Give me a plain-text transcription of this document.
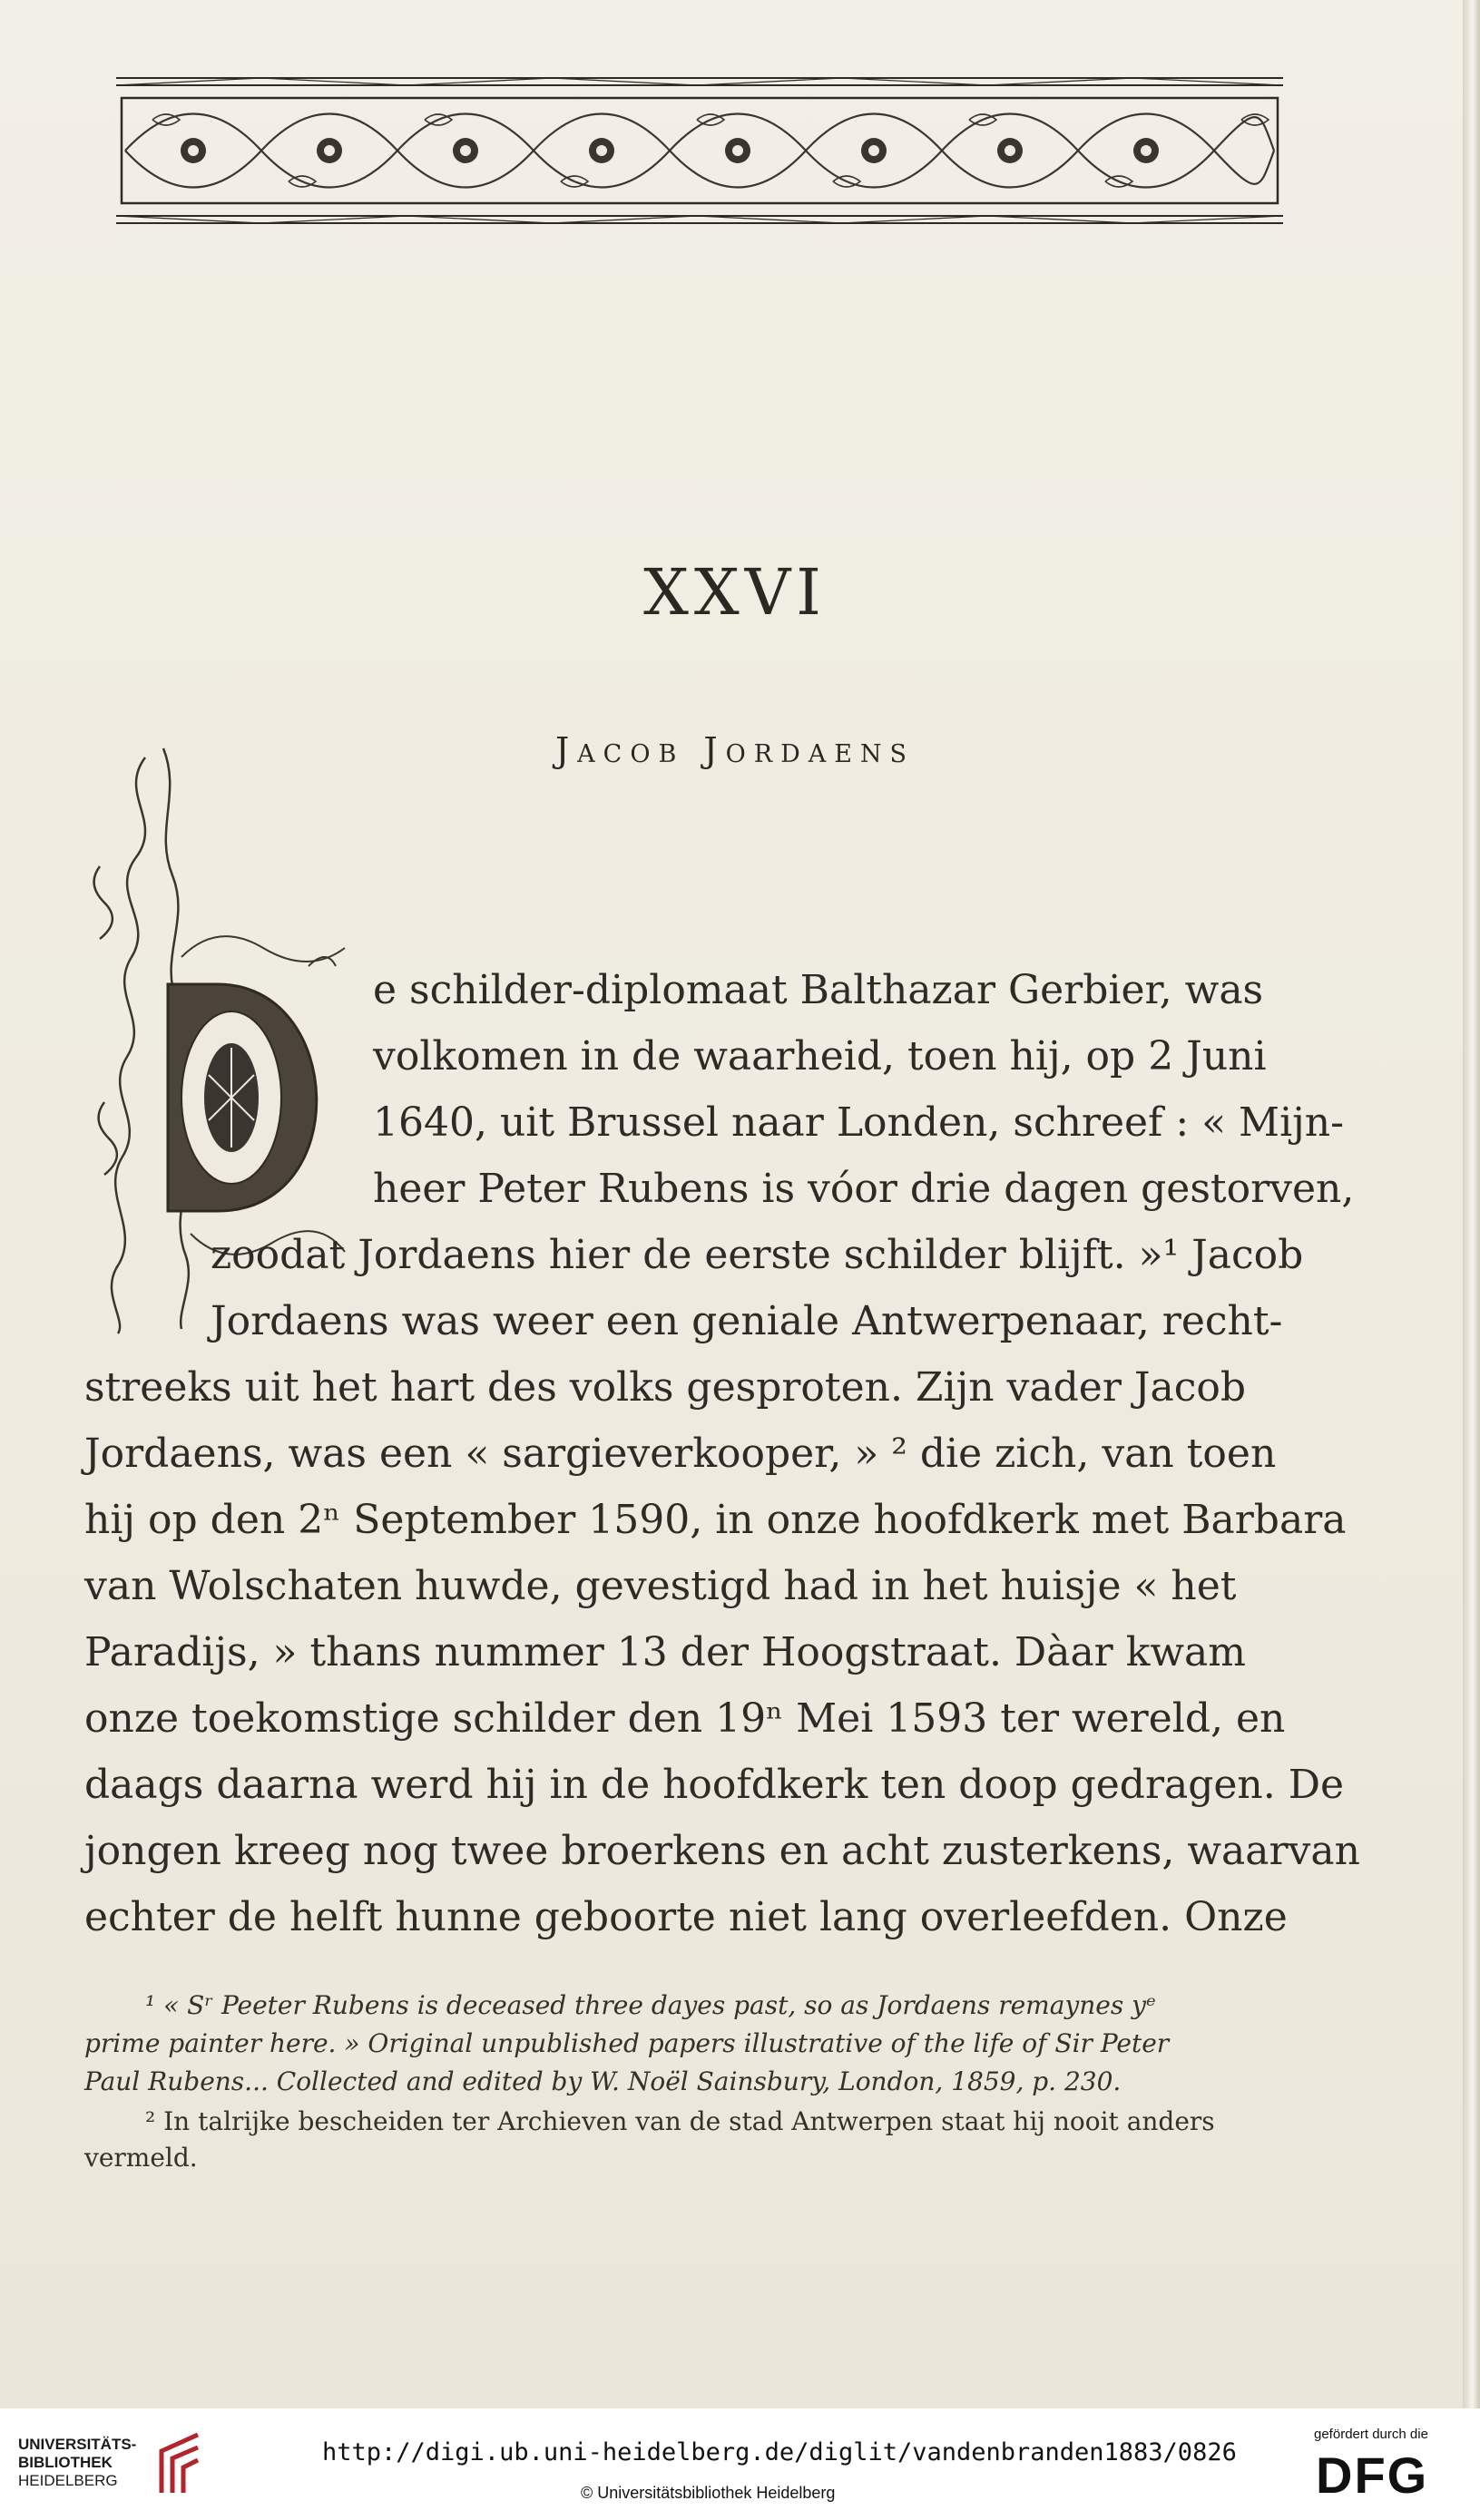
XXVI
Jacob Jordaens
e schilder-diplomaat Balthazar Gerbier, was
volkomen in de waarheid, toen hij, op 2 Juni
1640, uit Brussel naar Londen, schreef : « Mijn-
heer Peter Rubens is vóor drie dagen gestorven,
zoodat Jordaens hier de eerste schilder blijft. »¹ Jacob
Jordaens was weer een geniale Antwerpenaar, recht-
streeks uit het hart des volks gesproten. Zijn vader Jacob
Jordaens, was een « sargieverkooper, » ² die zich, van toen
hij op den 2ⁿ September 1590, in onze hoofdkerk met Barbara
van Wolschaten huwde, gevestigd had in het huisje « het
Paradijs, » thans nummer 13 der Hoogstraat. Dàar kwam
onze toekomstige schilder den 19ⁿ Mei 1593 ter wereld, en
daags daarna werd hij in de hoofdkerk ten doop gedragen. De
jongen kreeg nog twee broerkens en acht zusterkens, waarvan
echter de helft hunne geboorte niet lang overleefden. Onze
¹ « Sʳ Peeter Rubens is deceased three dayes past, so as Jordaens remaynes yᵉ
prime painter here. » Original unpublished papers illustrative of the life of Sir Peter
Paul Rubens... Collected and edited by W. Noël Sainsbury, London, 1859, p. 230.
² In talrijke bescheiden ter Archieven van de stad Antwerpen staat hij nooit anders
vermeld.
UNIVERSITÄTS-
BIBLIOTHEK
HEIDELBERG
http://digi.ub.uni-heidelberg.de/diglit/vandenbranden1883/0826
© Universitätsbibliothek Heidelberg
gefördert durch die
DFG
